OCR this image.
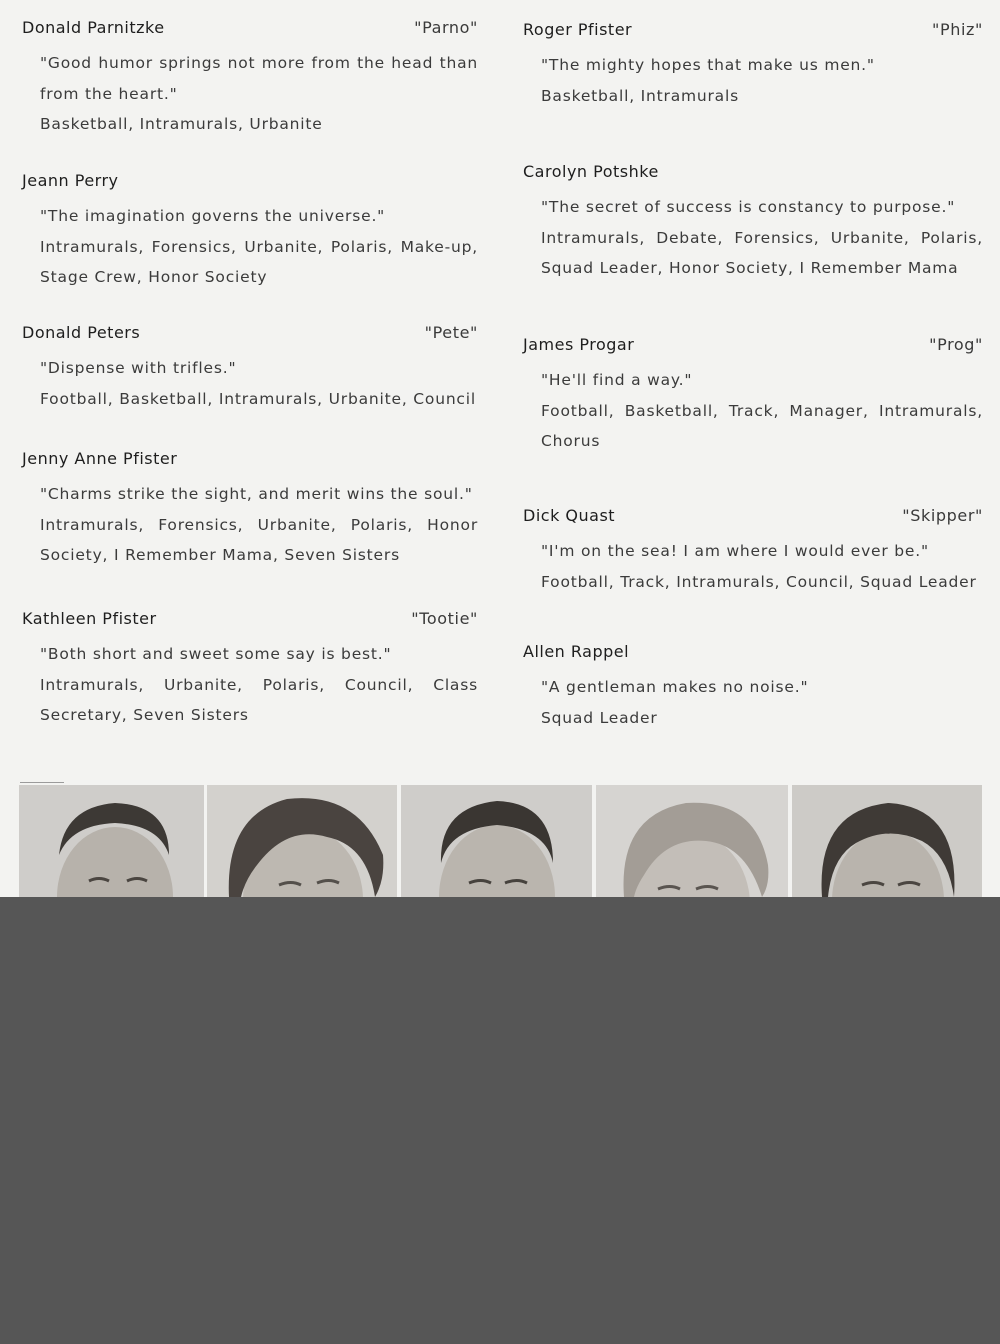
Donald Parnitzke	"Parno"
"Good humor springs not more from the head than from the heart."
Basketball, Intramurals, Urbanite
Jeann Perry
"The imagination governs the universe."
Intramurals, Forensics, Urbanite, Polaris, Make-up, Stage Crew, Honor Society
Donald Peters	"Pete"
"Dispense with trifles."
Football, Basketball, Intramurals, Urbanite, Council
Jenny Anne Pfister
"Charms strike the sight, and merit wins the soul."
Intramurals, Forensics, Urbanite, Polaris, Honor Society, I Remember Mama, Seven Sisters
Kathleen Pfister	"Tootie"
"Both short and sweet some say is best."
Intramurals, Urbanite, Polaris, Council, Class Secretary, Seven Sisters
Roger Pfister	"Phiz"
"The mighty hopes that make us men."
Basketball, Intramurals
Carolyn Potshke
"The secret of success is constancy to purpose."
Intramurals, Debate, Forensics, Urbanite, Polaris, Squad Leader, Honor Society, I Remember Mama
James Progar	"Prog"
"He'll find a way."
Football, Basketball, Track, Manager, Intramurals, Chorus
Dick Quast	"Skipper"
"I'm on the sea! I am where I would ever be."
Football, Track, Intramurals, Council, Squad Leader
Allen Rappel
"A gentleman makes no noise."
Squad Leader
